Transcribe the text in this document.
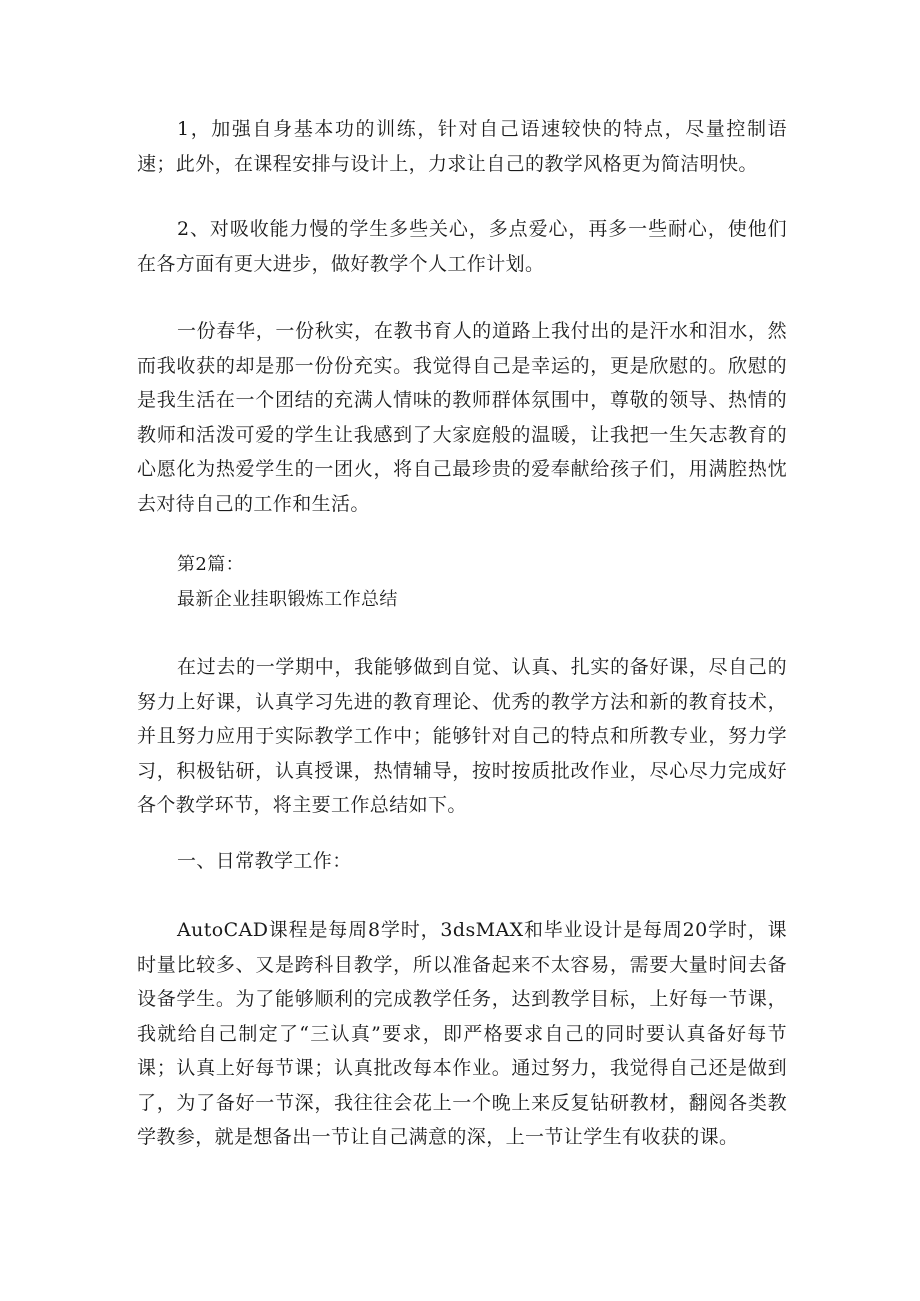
1，加强自身基本功的训练，针对自己语速较快的特点，尽量控制语速；此外，在课程安排与设计上，力求让自己的教学风格更为简洁明快。

2、对吸收能力慢的学生多些关心，多点爱心，再多一些耐心，使他们在各方面有更大进步，做好教学个人工作计划。

一份春华，一份秋实，在教书育人的道路上我付出的是汗水和泪水，然而我收获的却是那一份份充实。我觉得自己是幸运的，更是欣慰的。欣慰的是我生活在一个团结的充满人情味的教师群体氛围中，尊敬的领导、热情的教师和活泼可爱的学生让我感到了大家庭般的温暖，让我把一生矢志教育的心愿化为热爱学生的一团火，将自己最珍贵的爱奉献给孩子们，用满腔热忱去对待自己的工作和生活。

第2篇：

最新企业挂职锻炼工作总结

在过去的一学期中，我能够做到自觉、认真、扎实的备好课，尽自己的努力上好课，认真学习先进的教育理论、优秀的教学方法和新的教育技术，并且努力应用于实际教学工作中；能够针对自己的特点和所教专业，努力学习，积极钻研，认真授课，热情辅导，按时按质批改作业，尽心尽力完成好各个教学环节，将主要工作总结如下。

一、日常教学工作：

AutoCAD课程是每周8学时，3dsMAX和毕业设计是每周20学时，课时量比较多、又是跨科目教学，所以准备起来不太容易，需要大量时间去备设备学生。为了能够顺利的完成教学任务，达到教学目标，上好每一节课，我就给自己制定了“三认真”要求，即严格要求自己的同时要认真备好每节课；认真上好每节课；认真批改每本作业。通过努力，我觉得自己还是做到了，为了备好一节深，我往往会花上一个晚上来反复钻研教材，翻阅各类教学教参，就是想备出一节让自己满意的深，上一节让学生有收获的课。
